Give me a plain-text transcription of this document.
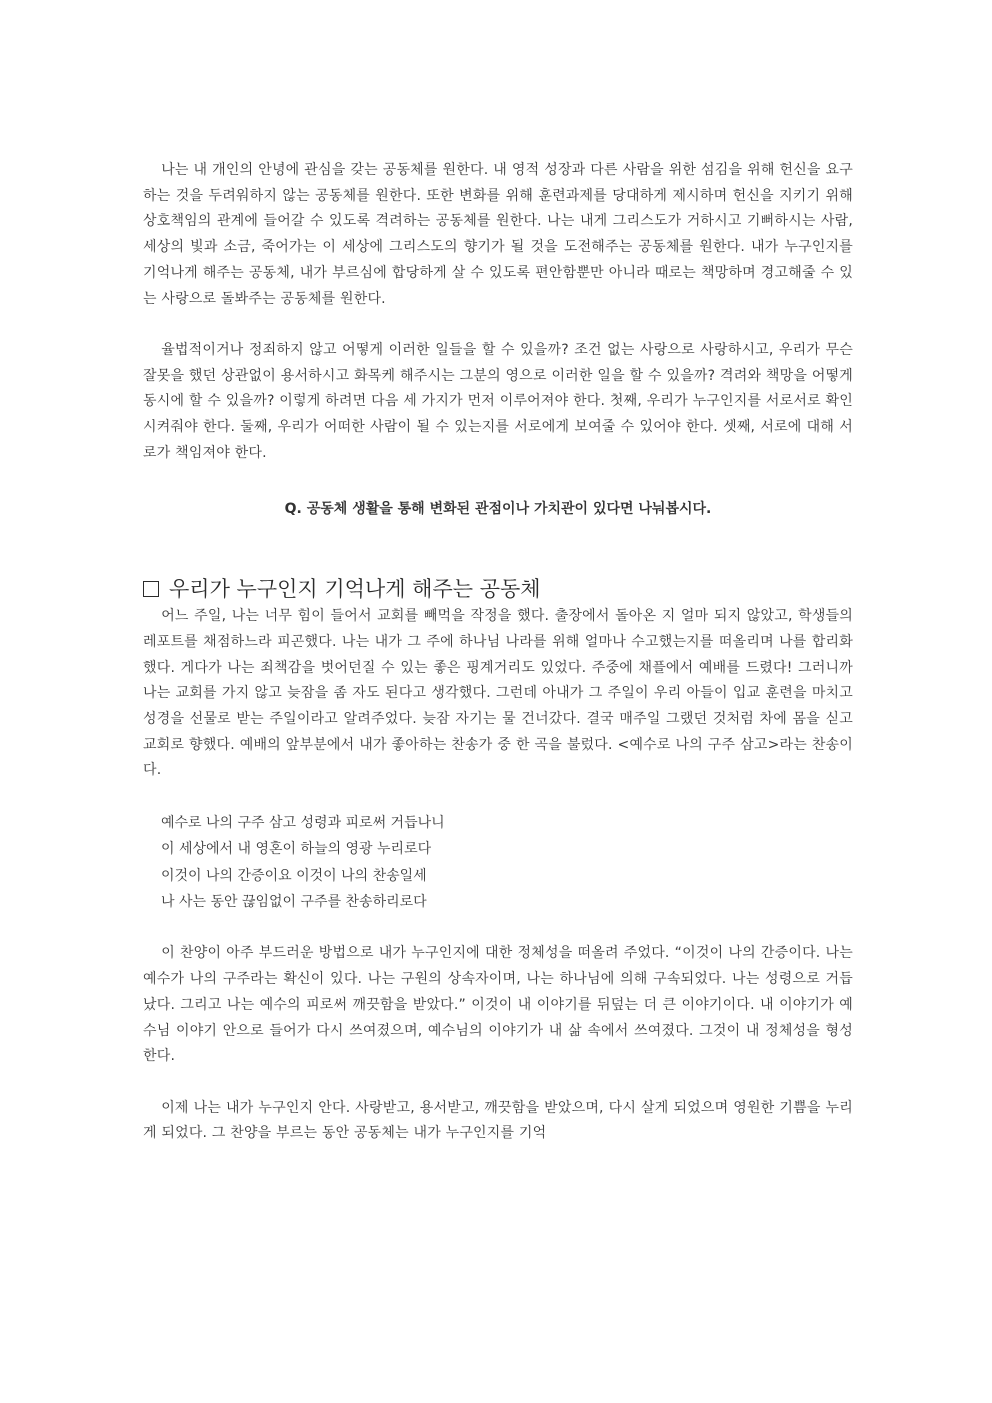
나는 내 개인의 안녕에 관심을 갖는 공동체를 원한다. 내 영적 성장과 다른 사람을 위한 섬김을 위해 헌신을 요구하는 것을 두려워하지 않는 공동체를 원한다. 또한 변화를 위해 훈련과제를 당대하게 제시하며 헌신을 지키기 위해 상호책임의 관계에 들어갈 수 있도록 격려하는 공동체를 원한다. 나는 내게 그리스도가 거하시고 기뻐하시는 사람, 세상의 빛과 소금, 죽어가는 이 세상에 그리스도의 향기가 될 것을 도전해주는 공동체를 원한다. 내가 누구인지를 기억나게 해주는 공동체, 내가 부르심에 합당하게 살 수 있도록 편안함뿐만 아니라 때로는 책망하며 경고해줄 수 있는 사랑으로 돌봐주는 공동체를 원한다.

율법적이거나 정죄하지 않고 어떻게 이러한 일들을 할 수 있을까? 조건 없는 사랑으로 사랑하시고, 우리가 무슨 잘못을 했던 상관없이 용서하시고 화목케 해주시는 그분의 영으로 이러한 일을 할 수 있을까? 격려와 책망을 어떻게 동시에 할 수 있을까? 이렇게 하려면 다음 세 가지가 먼저 이루어져야 한다. 첫째, 우리가 누구인지를 서로서로 확인시켜줘야 한다. 둘째, 우리가 어떠한 사람이 될 수 있는지를 서로에게 보여줄 수 있어야 한다. 셋째, 서로에 대해 서로가 책임져야 한다.

Q. 공동체 생활을 통해 변화된 관점이나 가치관이 있다면 나눠봅시다.

우리가 누구인지 기억나게 해주는 공동체

어느 주일, 나는 너무 힘이 들어서 교회를 빼먹을 작정을 했다. 출장에서 돌아온 지 얼마 되지 않았고, 학생들의 레포트를 채점하느라 피곤했다. 나는 내가 그 주에 하나님 나라를 위해 얼마나 수고했는지를 떠올리며 나를 합리화했다. 게다가 나는 죄책감을 벗어던질 수 있는 좋은 핑계거리도 있었다. 주중에 채플에서 예배를 드렸다! 그러니까 나는 교회를 가지 않고 늦잠을 좀 자도 된다고 생각했다. 그런데 아내가 그 주일이 우리 아들이 입교 훈련을 마치고 성경을 선물로 받는 주일이라고 알려주었다. 늦잠 자기는 물 건너갔다. 결국 매주일 그랬던 것처럼 차에 몸을 싣고 교회로 향했다. 예배의 앞부분에서 내가 좋아하는 찬송가 중 한 곡을 불렀다. <예수로 나의 구주 삼고>라는 찬송이다.

예수로 나의 구주 삼고 성령과 피로써 거듭나니

이 세상에서 내 영혼이 하늘의 영광 누리로다

이것이 나의 간증이요 이것이 나의 찬송일세

나 사는 동안 끊임없이 구주를 찬송하리로다

이 찬양이 아주 부드러운 방법으로 내가 누구인지에 대한 정체성을 떠올려 주었다. “이것이 나의 간증이다. 나는 예수가 나의 구주라는 확신이 있다. 나는 구원의 상속자이며, 나는 하나님에 의해 구속되었다. 나는 성령으로 거듭났다. 그리고 나는 예수의 피로써 깨끗함을 받았다.” 이것이 내 이야기를 뒤덮는 더 큰 이야기이다. 내 이야기가 예수님 이야기 안으로 들어가 다시 쓰여졌으며, 예수님의 이야기가 내 삶 속에서 쓰여졌다. 그것이 내 정체성을 형성한다.

이제 나는 내가 누구인지 안다. 사랑받고, 용서받고, 깨끗함을 받았으며, 다시 살게 되었으며 영원한 기쁨을 누리게 되었다. 그 찬양을 부르는 동안 공동체는 내가 누구인지를 기억
